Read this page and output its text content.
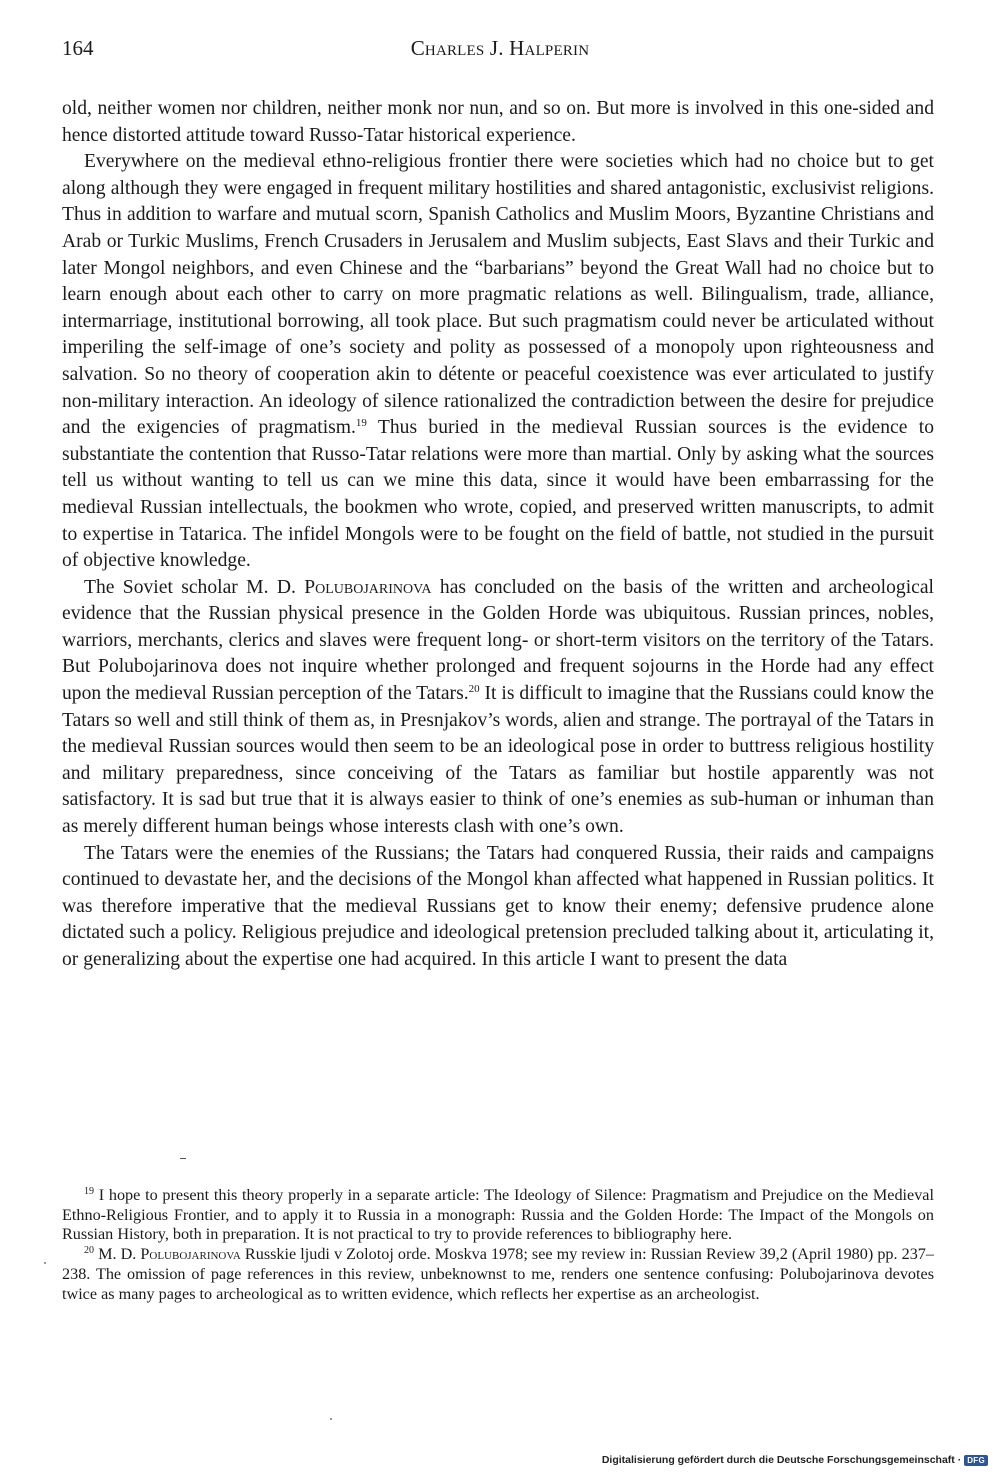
164	Charles J. Halperin

old, neither women nor children, neither monk nor nun, and so on. But more is involved in this one-sided and hence distorted attitude toward Russo-Tatar historical experience.

Everywhere on the medieval ethno-religious frontier there were societies which had no choice but to get along although they were engaged in frequent military hostilities and shared antagonistic, exclusivist religions. Thus in addition to warfare and mutual scorn, Spanish Catholics and Muslim Moors, Byzantine Christians and Arab or Turkic Muslims, French Crusaders in Jerusalem and Muslim subjects, East Slavs and their Turkic and later Mongol neighbors, and even Chinese and the “barbarians” beyond the Great Wall had no choice but to learn enough about each other to carry on more pragmatic relations as well. Bilingualism, trade, alliance, intermarriage, institutional borrowing, all took place. But such pragmatism could never be articulated without imperiling the self-image of one’s society and polity as possessed of a monopoly upon righteousness and salvation. So no theory of cooperation akin to détente or peaceful coexistence was ever articulated to justify non-military interaction. An ideology of silence rationalized the contradiction between the desire for prejudice and the exigencies of pragmatism.$^{19}$ Thus buried in the medieval Russian sources is the evidence to substantiate the contention that Russo-Tatar relations were more than martial. Only by asking what the sources tell us without wanting to tell us can we mine this data, since it would have been embarrassing for the medieval Russian intellectuals, the bookmen who wrote, copied, and preserved written manuscripts, to admit to expertise in Tatarica. The infidel Mongols were to be fought on the field of battle, not studied in the pursuit of objective knowledge.

The Soviet scholar M. D. Polubojarinova has concluded on the basis of the written and archeological evidence that the Russian physical presence in the Golden Horde was ubiquitous. Russian princes, nobles, warriors, merchants, clerics and slaves were frequent long- or short-term visitors on the territory of the Tatars. But Polubojarinova does not inquire whether prolonged and frequent sojourns in the Horde had any effect upon the medieval Russian perception of the Tatars.$^{20}$ It is difficult to imagine that the Russians could know the Tatars so well and still think of them as, in Presnjakov’s words, alien and strange. The portrayal of the Tatars in the medieval Russian sources would then seem to be an ideological pose in order to buttress religious hostility and military preparedness, since conceiving of the Tatars as familiar but hostile apparently was not satisfactory. It is sad but true that it is always easier to think of one’s enemies as sub-human or inhuman than as merely different human beings whose interests clash with one’s own.

The Tatars were the enemies of the Russians; the Tatars had conquered Russia, their raids and campaigns continued to devastate her, and the decisions of the Mongol khan affected what happened in Russian politics. It was therefore imperative that the medieval Russians get to know their enemy; defensive prudence alone dictated such a policy. Religious prejudice and ideological pretension precluded talking about it, articulating it, or generalizing about the expertise one had acquired. In this article I want to present the data

$^{19}$ I hope to present this theory properly in a separate article: The Ideology of Silence: Pragmatism and Prejudice on the Medieval Ethno-Religious Frontier, and to apply it to Russia in a monograph: Russia and the Golden Horde: The Impact of the Mongols on Russian History, both in preparation. It is not practical to try to provide references to bibliography here.

$^{20}$ M. D. Polubojarinova Russkie ljudi v Zolotoj orde. Moskva 1978; see my review in: Russian Review 39,2 (April 1980) pp. 237–238. The omission of page references in this review, unbeknownst to me, renders one sentence confusing: Polubojarinova devotes twice as many pages to archeological as to written evidence, which reflects her expertise as an archeologist.

Digitalisierung gefördert durch die Deutsche Forschungsgemeinschaft · DFG
